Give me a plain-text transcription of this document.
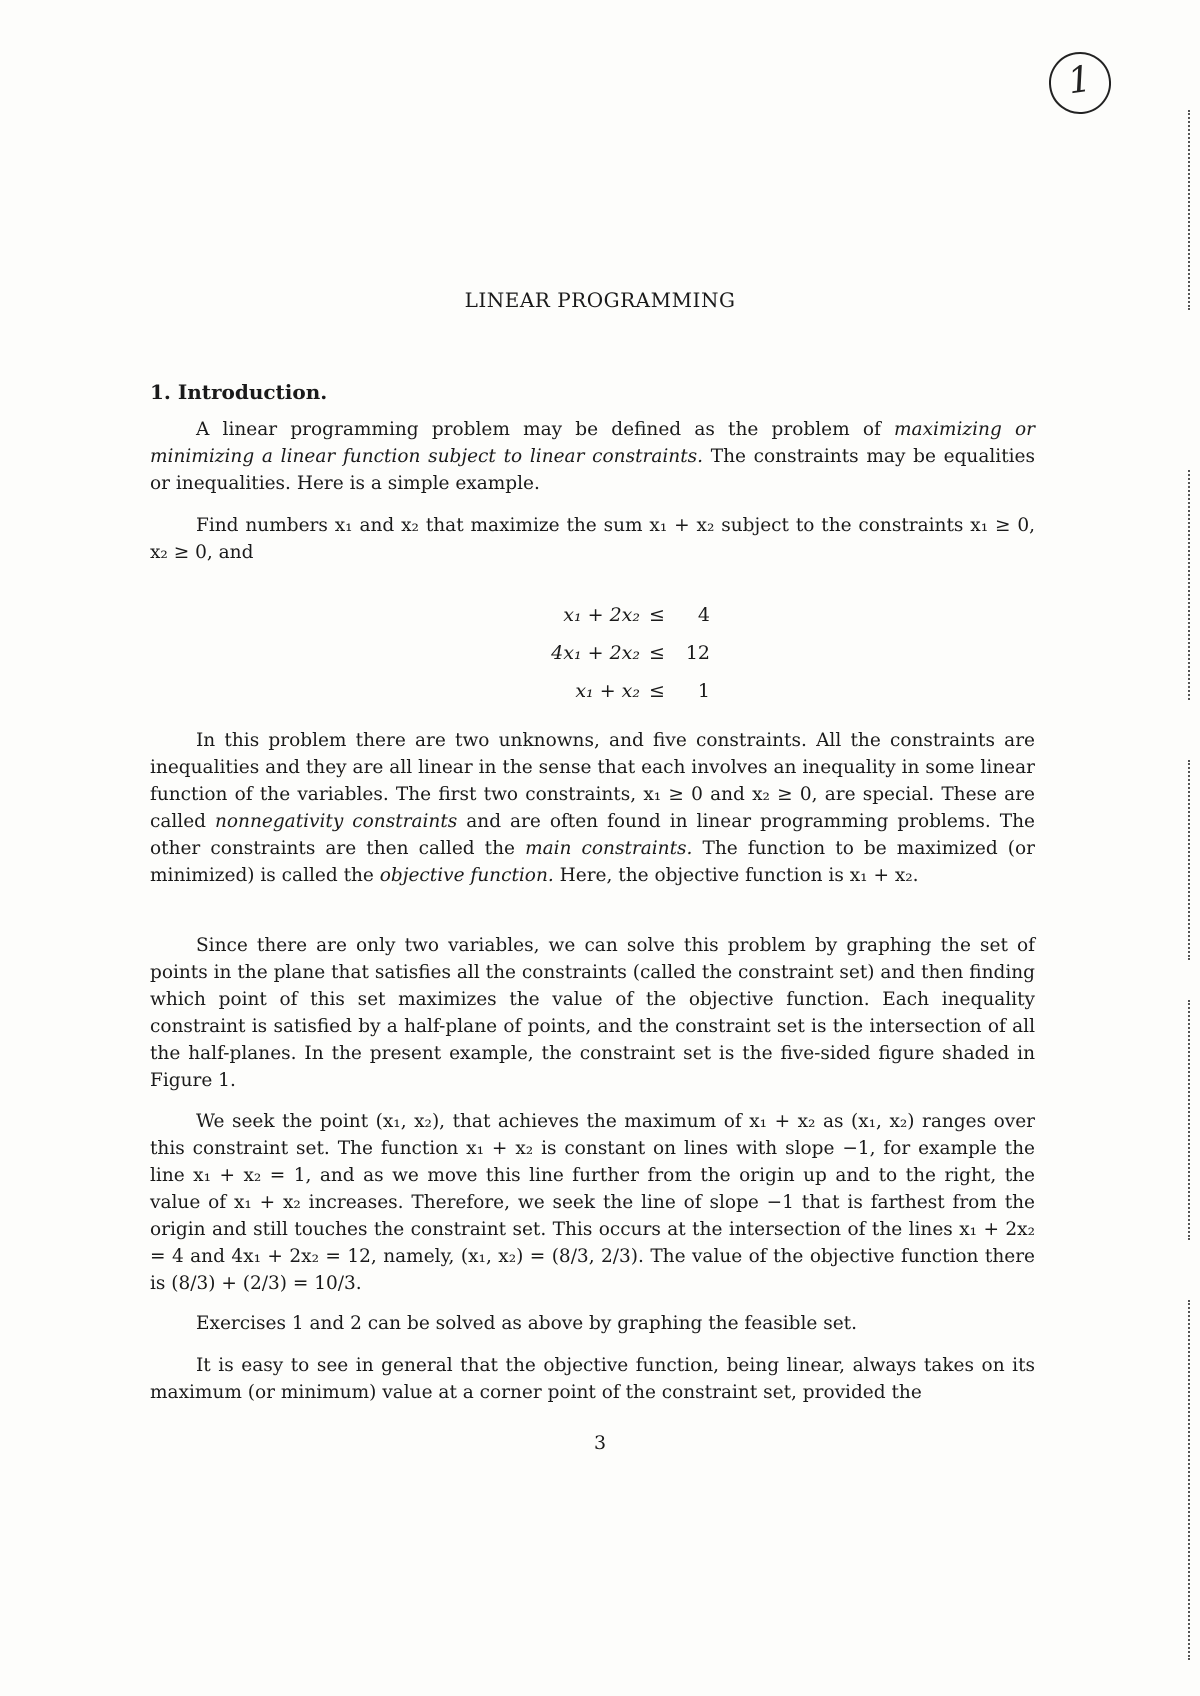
1
LINEAR PROGRAMMING
1. Introduction.

A linear programming problem may be defined as the problem of maximizing or minimizing a linear function subject to linear constraints. The constraints may be equalities or inequalities. Here is a simple example.

Find numbers x₁ and x₂ that maximize the sum x₁ + x₂ subject to the constraints x₁ ≥ 0, x₂ ≥ 0, and

x₁ + 2x₂ ≤ 4
4x₁ + 2x₂ ≤ 12
x₁ + x₂ ≤ 1

In this problem there are two unknowns, and five constraints. All the constraints are inequalities and they are all linear in the sense that each involves an inequality in some linear function of the variables. The first two constraints, x₁ ≥ 0 and x₂ ≥ 0, are special. These are called nonnegativity constraints and are often found in linear programming problems. The other constraints are then called the main constraints. The function to be maximized (or minimized) is called the objective function. Here, the objective function is x₁ + x₂.

Since there are only two variables, we can solve this problem by graphing the set of points in the plane that satisfies all the constraints (called the constraint set) and then finding which point of this set maximizes the value of the objective function. Each inequality constraint is satisfied by a half-plane of points, and the constraint set is the intersection of all the half-planes. In the present example, the constraint set is the five-sided figure shaded in Figure 1.

We seek the point (x₁, x₂), that achieves the maximum of x₁ + x₂ as (x₁, x₂) ranges over this constraint set. The function x₁ + x₂ is constant on lines with slope −1, for example the line x₁ + x₂ = 1, and as we move this line further from the origin up and to the right, the value of x₁ + x₂ increases. Therefore, we seek the line of slope −1 that is farthest from the origin and still touches the constraint set. This occurs at the intersection of the lines x₁ + 2x₂ = 4 and 4x₁ + 2x₂ = 12, namely, (x₁, x₂) = (8/3, 2/3). The value of the objective function there is (8/3) + (2/3) = 10/3.

Exercises 1 and 2 can be solved as above by graphing the feasible set.

It is easy to see in general that the objective function, being linear, always takes on its maximum (or minimum) value at a corner point of the constraint set, provided the

3
